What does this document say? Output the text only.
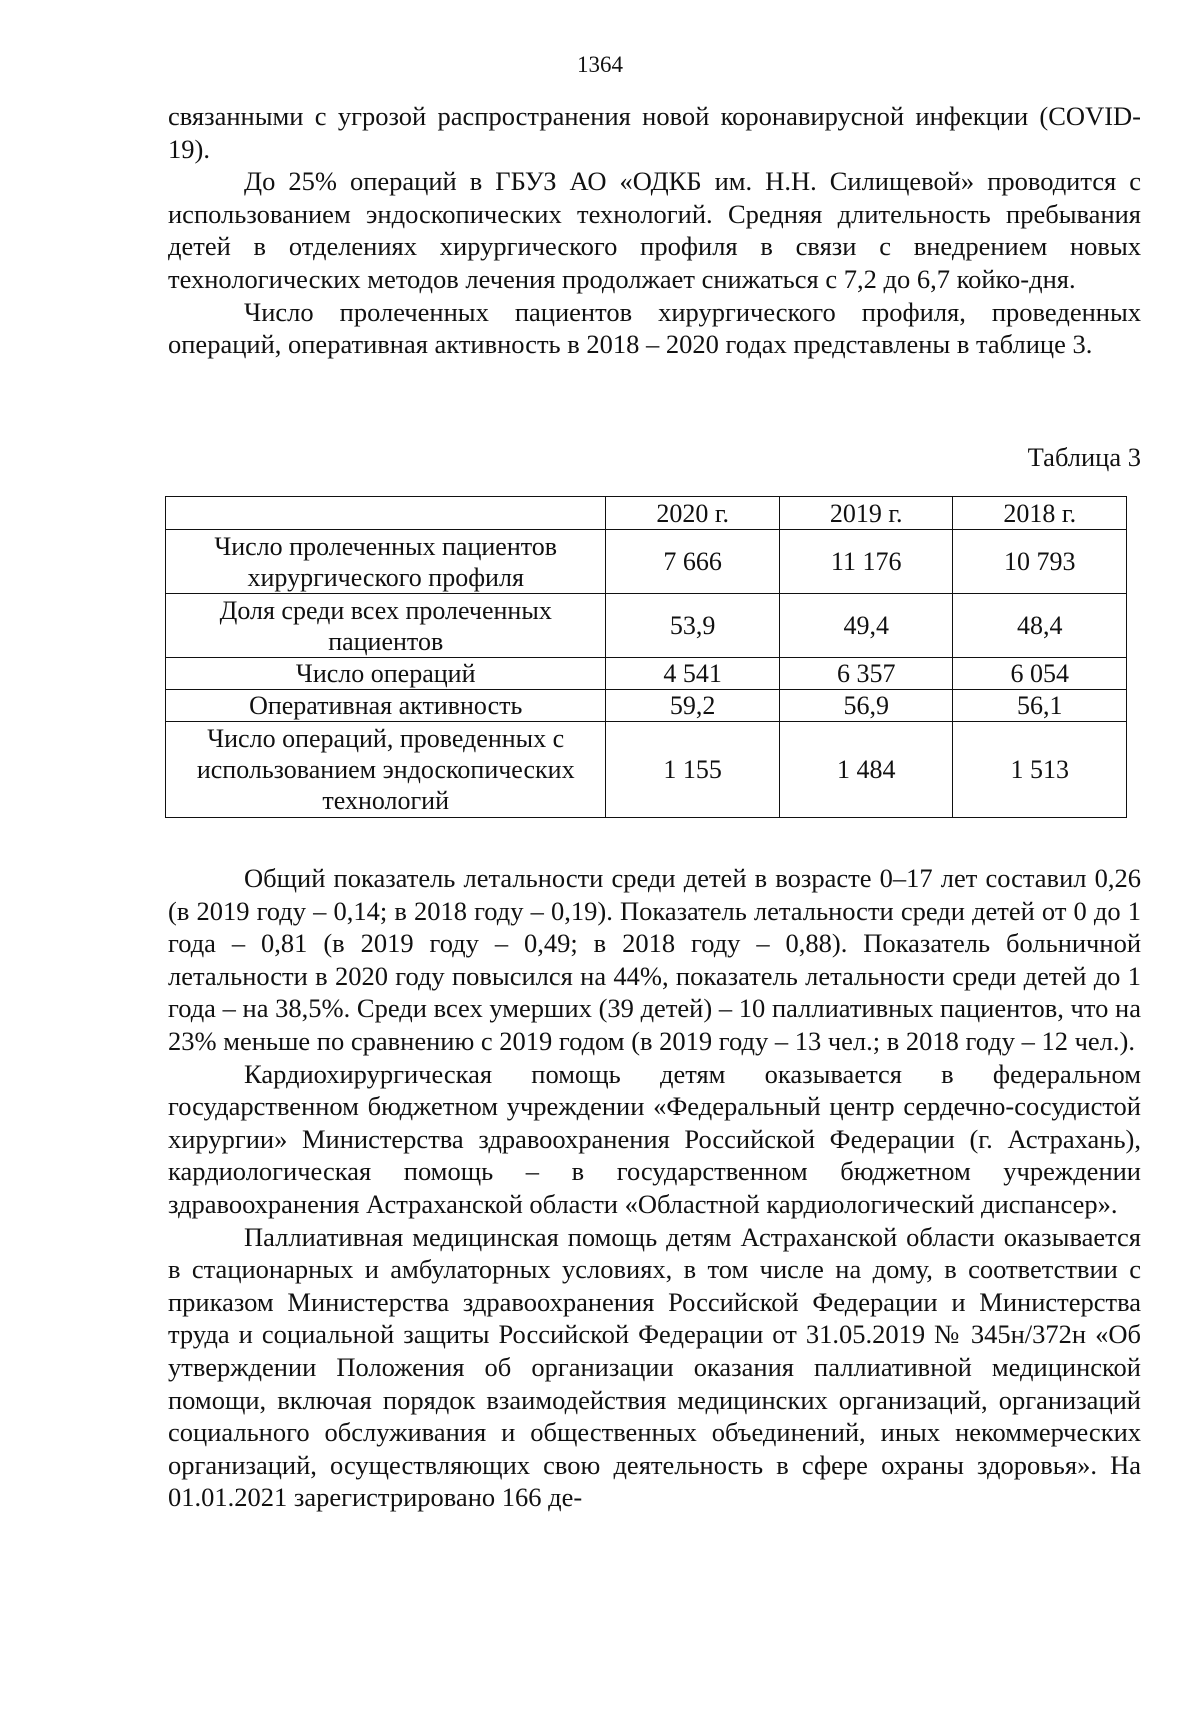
1364

связанными с угрозой распространения новой коронавирусной инфекции (COVID-19).

До 25% операций в ГБУЗ АО «ОДКБ им. Н.Н. Силищевой» проводится с использованием эндоскопических технологий. Средняя длительность пребывания детей в отделениях хирургического профиля в связи с внедрением новых технологических методов лечения продолжает снижаться с 7,2 до 6,7 койко-дня.

Число пролеченных пациентов хирургического профиля, проведенных операций, оперативная активность в 2018 – 2020 годах представлены в таблице 3.

Таблица 3
	2020 г.	2019 г.	2018 г.
Число пролеченных пациентов хирургического профиля	7 666	11 176	10 793
Доля среди всех пролеченных пациентов	53,9	49,4	48,4
Число операций	4 541	6 357	6 054
Оперативная активность	59,2	56,9	56,1
Число операций, проведенных с использованием эндоскопических технологий	1 155	1 484	1 513

Общий показатель летальности среди детей в возрасте 0–17 лет составил 0,26 (в 2019 году – 0,14; в 2018 году – 0,19). Показатель летальности среди детей от 0 до 1 года – 0,81 (в 2019 году – 0,49; в 2018 году – 0,88). Показатель больничной летальности в 2020 году повысился на 44%, показатель летальности среди детей до 1 года – на 38,5%. Среди всех умерших (39 детей) – 10 паллиативных пациентов, что на 23% меньше по сравнению с 2019 годом (в 2019 году – 13 чел.; в 2018 году – 12 чел.).

Кардиохирургическая помощь детям оказывается в федеральном государственном бюджетном учреждении «Федеральный центр сердечно-сосудистой хирургии» Министерства здравоохранения Российской Федерации (г. Астрахань), кардиологическая помощь – в государственном бюджетном учреждении здравоохранения Астраханской области «Областной кардиологический диспансер».

Паллиативная медицинская помощь детям Астраханской области оказывается в стационарных и амбулаторных условиях, в том числе на дому, в соответствии с приказом Министерства здравоохранения Российской Федерации и Министерства труда и социальной защиты Российской Федерации от 31.05.2019 № 345н/372н «Об утверждении Положения об организации оказания паллиативной медицинской помощи, включая порядок взаимодействия медицинских организаций, организаций социального обслуживания и общественных объединений, иных некоммерческих организаций, осуществляющих свою деятельность в сфере охраны здоровья». На 01.01.2021 зарегистрировано 166 де-
